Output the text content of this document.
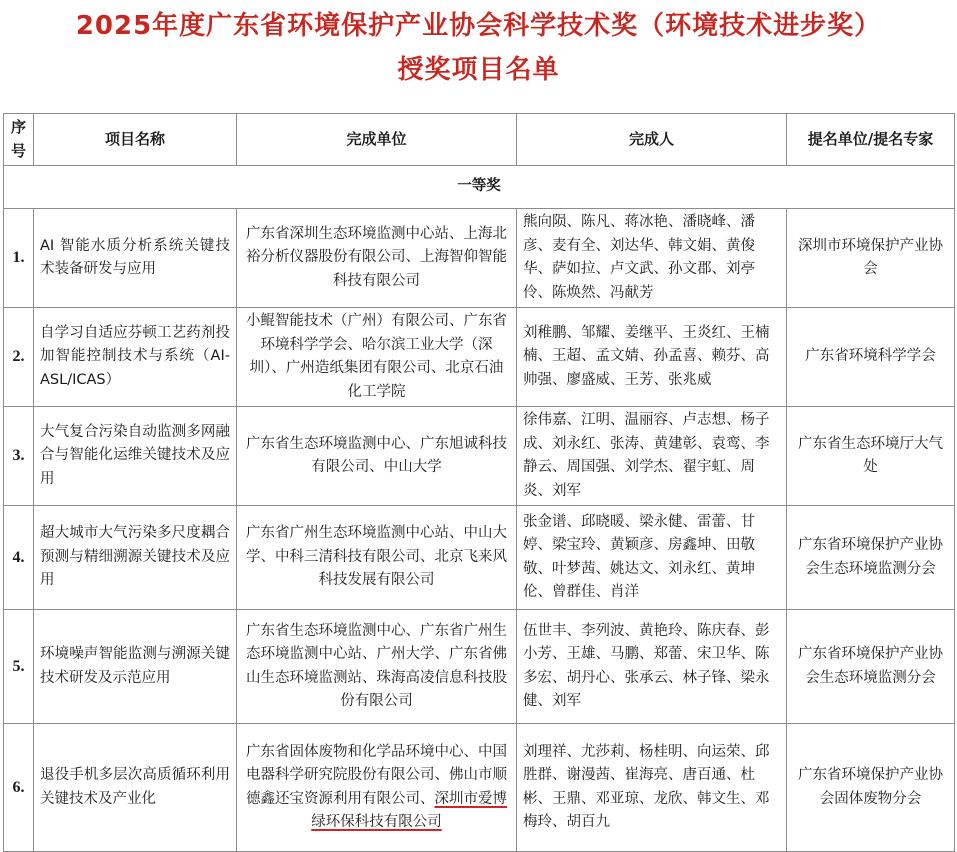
2025年度广东省环境保护产业协会科学技术奖（环境技术进步奖）
授奖项目名单
序号	项目名称	完成单位	完成人	提名单位/提名专家
一等奖				
1.	AI 智能水质分析系统关键技术装备研发与应用	广东省深圳生态环境监测中心站、上海北裕分析仪器股份有限公司、上海智仰智能科技有限公司	熊向陨、陈凡、蒋冰艳、潘晓峰、潘彦、麦有全、刘达华、韩文娟、黄俊华、萨如拉、卢文武、孙文郡、刘亭伶、陈焕然、冯献芳	深圳市环境保护产业协会
2.	自学习自适应芬顿工艺药剂投加智能控制技术与系统（AI-ASL/ICAS）	小鲲智能技术（广州）有限公司、广东省环境科学学会、哈尔滨工业大学（深圳）、广州造纸集团有限公司、北京石油化工学院	刘稚鹏、邹耀、姜继平、王炎红、王楠楠、王超、孟文婧、孙孟喜、赖芬、高帅强、廖盛威、王芳、张兆威	广东省环境科学学会
3.	大气复合污染自动监测多网融合与智能化运维关键技术及应用	广东省生态环境监测中心、广东旭诚科技有限公司、中山大学	徐伟嘉、江明、温丽容、卢志想、杨子成、刘永红、张涛、黄建彰、袁鸾、李静云、周国强、刘学杰、翟宇虹、周炎、刘军	广东省生态环境厅大气处
4.	超大城市大气污染多尺度耦合预测与精细溯源关键技术及应用	广东省广州生态环境监测中心站、中山大学、中科三清科技有限公司、北京飞来风科技发展有限公司	张金谱、邱晓暖、梁永健、雷蕾、甘婷、梁宝玲、黄颖彦、房鑫坤、田敬敬、叶梦茜、姚达文、刘永红、黄坤伦、曾群佳、肖洋	广东省环境保护产业协会生态环境监测分会
5.	环境噪声智能监测与溯源关键技术研发及示范应用	广东省生态环境监测中心、广东省广州生态环境监测中心站、广州大学、广东省佛山生态环境监测站、珠海高凌信息科技股份有限公司	伍世丰、李列波、黄艳玲、陈庆春、彭小芳、王雄、马鹏、郑蕾、宋卫华、陈多宏、胡丹心、张承云、林子锋、梁永健、刘军	广东省环境保护产业协会生态环境监测分会
6.	退役手机多层次高质循环利用关键技术及产业化	广东省固体废物和化学品环境中心、中国电器科学研究院股份有限公司、佛山市顺德鑫还宝资源利用有限公司、深圳市爱博绿环保科技有限公司	刘理祥、尤莎莉、杨桂明、向运荣、邱胜群、谢漫茜、崔海亮、唐百通、杜彬、王鼎、邓亚琼、龙欣、韩文生、邓梅玲、胡百九	广东省环境保护产业协会固体废物分会
